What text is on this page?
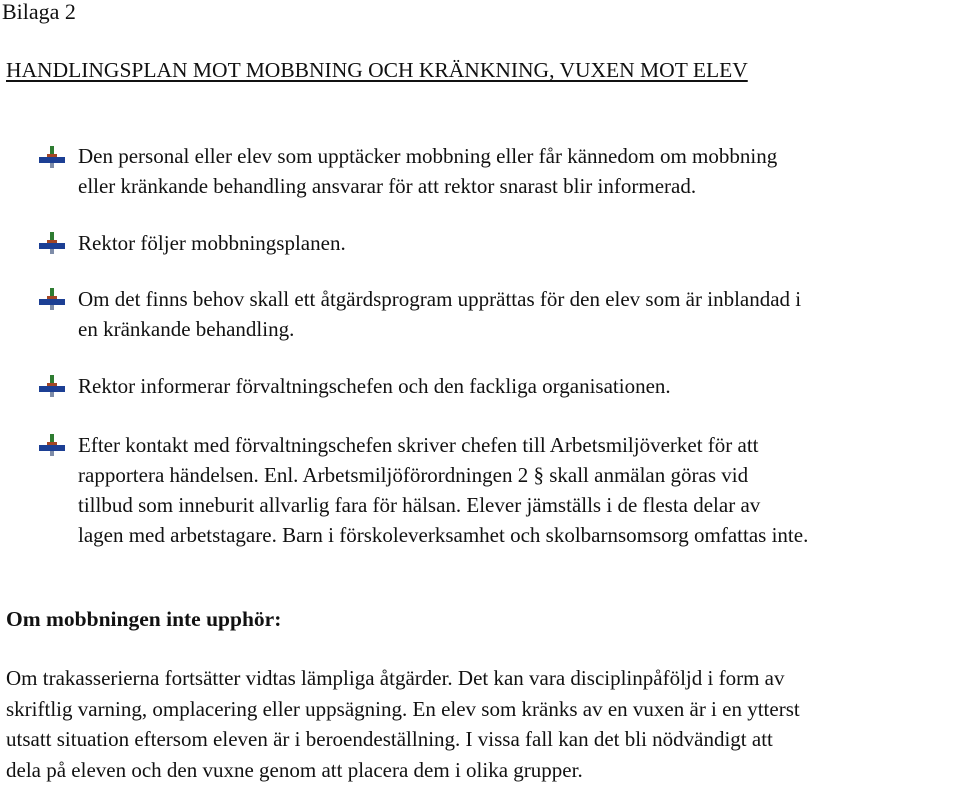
Bilaga 2
HANDLINGSPLAN MOT MOBBNING OCH KRÄNKNING, VUXEN MOT ELEV
Den personal eller elev som upptäcker mobbning eller får kännedom om mobbning
eller kränkande behandling ansvarar för att rektor snarast blir informerad.
Rektor följer mobbningsplanen.
Om det finns behov skall ett åtgärdsprogram upprättas för den elev som är inblandad i
en kränkande behandling.
Rektor informerar förvaltningschefen och den fackliga organisationen.
Efter kontakt med förvaltningschefen skriver chefen till Arbetsmiljöverket för att
rapportera händelsen. Enl. Arbetsmiljöförordningen 2 § skall anmälan göras vid
tillbud som inneburit allvarlig fara för hälsan. Elever jämställs i de flesta delar av
lagen med arbetstagare. Barn i förskoleverksamhet och skolbarnsomsorg omfattas inte.
Om mobbningen inte upphör:

Om trakasserierna fortsätter vidtas lämpliga åtgärder. Det kan vara disciplinpåföljd i form av
skriftlig varning, omplacering eller uppsägning. En elev som kränks av en vuxen är i en ytterst
utsatt situation eftersom eleven är i beroendeställning. I vissa fall kan det bli nödvändigt att
dela på eleven och den vuxne genom att placera dem i olika grupper.
